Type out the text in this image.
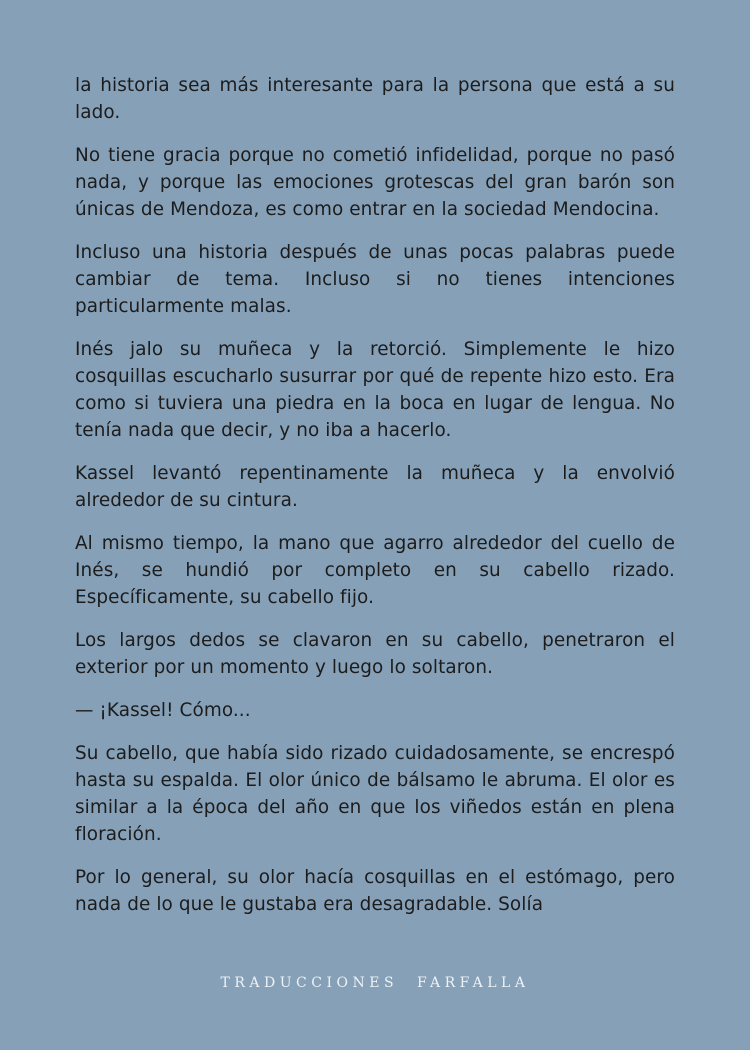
la historia sea más interesante para la persona que está a su lado.

No tiene gracia porque no cometió infidelidad, porque no pasó nada, y porque las emociones grotescas del gran barón son únicas de Mendoza, es como entrar en la sociedad Mendocina.

Incluso una historia después de unas pocas palabras puede cambiar de tema. Incluso si no tienes intenciones particularmente malas.

Inés jalo su muñeca y la retorció. Simplemente le hizo cosquillas escucharlo susurrar por qué de repente hizo esto. Era como si tuviera una piedra en la boca en lugar de lengua. No tenía nada que decir, y no iba a hacerlo.

Kassel levantó repentinamente la muñeca y la envolvió alrededor de su cintura.

Al mismo tiempo, la mano que agarro alrededor del cuello de Inés, se hundió por completo en su cabello rizado. Específicamente, su cabello fijo.

Los largos dedos se clavaron en su cabello, penetraron el exterior por un momento y luego lo soltaron.

— ¡Kassel! Cómo...

Su cabello, que había sido rizado cuidadosamente, se encrespó hasta su espalda. El olor único de bálsamo le abruma. El olor es similar a la época del año en que los viñedos están en plena floración.

Por lo general, su olor hacía cosquillas en el estómago, pero nada de lo que le gustaba era desagradable. Solía

TRADUCCIONES FARFALLA
